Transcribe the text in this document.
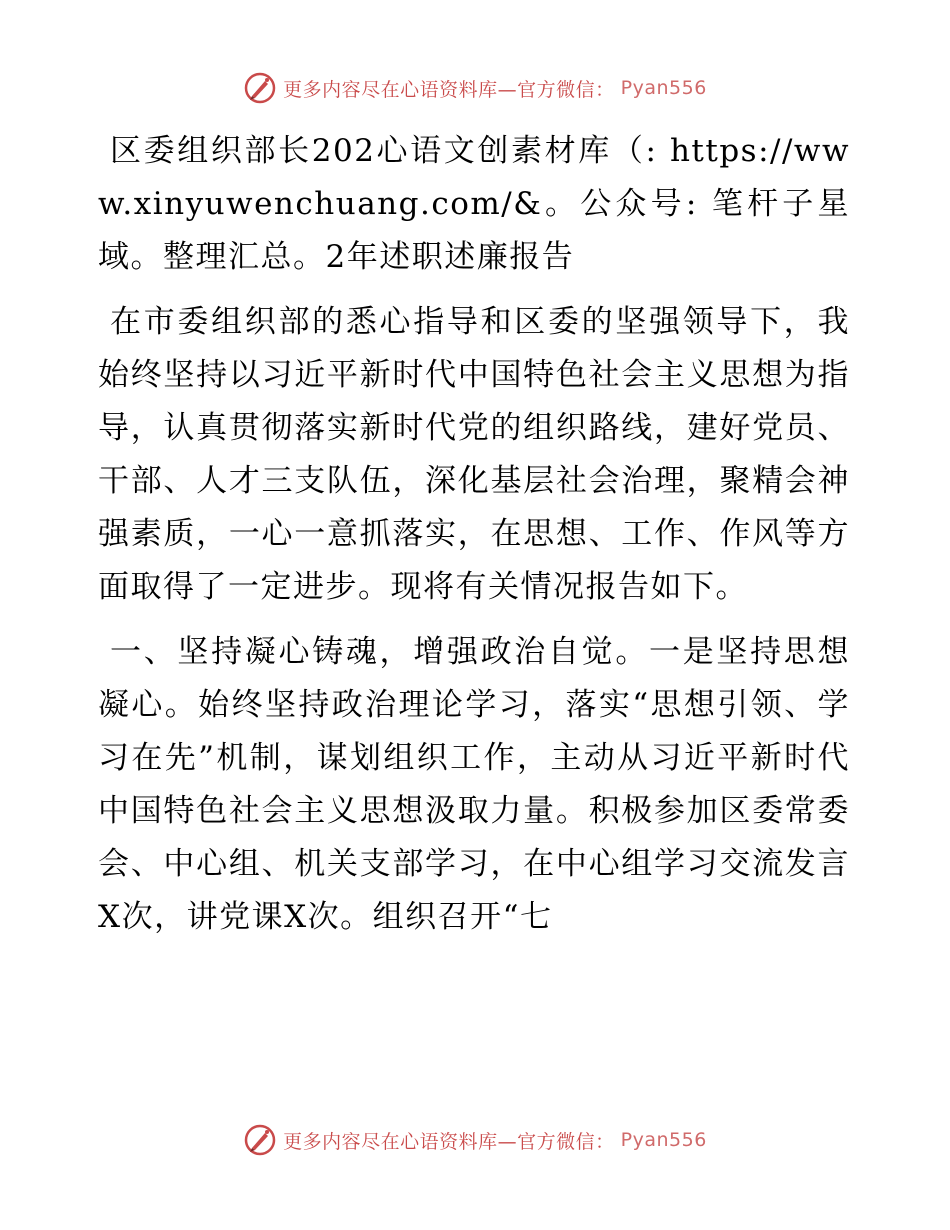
更多内容尽在心语资料库—官方微信： Pyan556

区委组织部长202心语文创素材库（: https://www.xinyuwenchuang.com/&。公众号: 笔杆子星域。整理汇总。2年述职述廉报告

在市委组织部的悉心指导和区委的坚强领导下，我始终坚持以习近平新时代中国特色社会主义思想为指导，认真贯彻落实新时代党的组织路线，建好党员、干部、人才三支队伍，深化基层社会治理，聚精会神强素质，一心一意抓落实，在思想、工作、作风等方面取得了一定进步。现将有关情况报告如下。

一、坚持凝心铸魂，增强政治自觉。一是坚持思想凝心。始终坚持政治理论学习，落实“思想引领、学习在先”机制，谋划组织工作，主动从习近平新时代中国特色社会主义思想汲取力量。积极参加区委常委会、中心组、机关支部学习，在中心组学习交流发言X次，讲党课X次。组织召开“七

更多内容尽在心语资料库—官方微信： Pyan556
